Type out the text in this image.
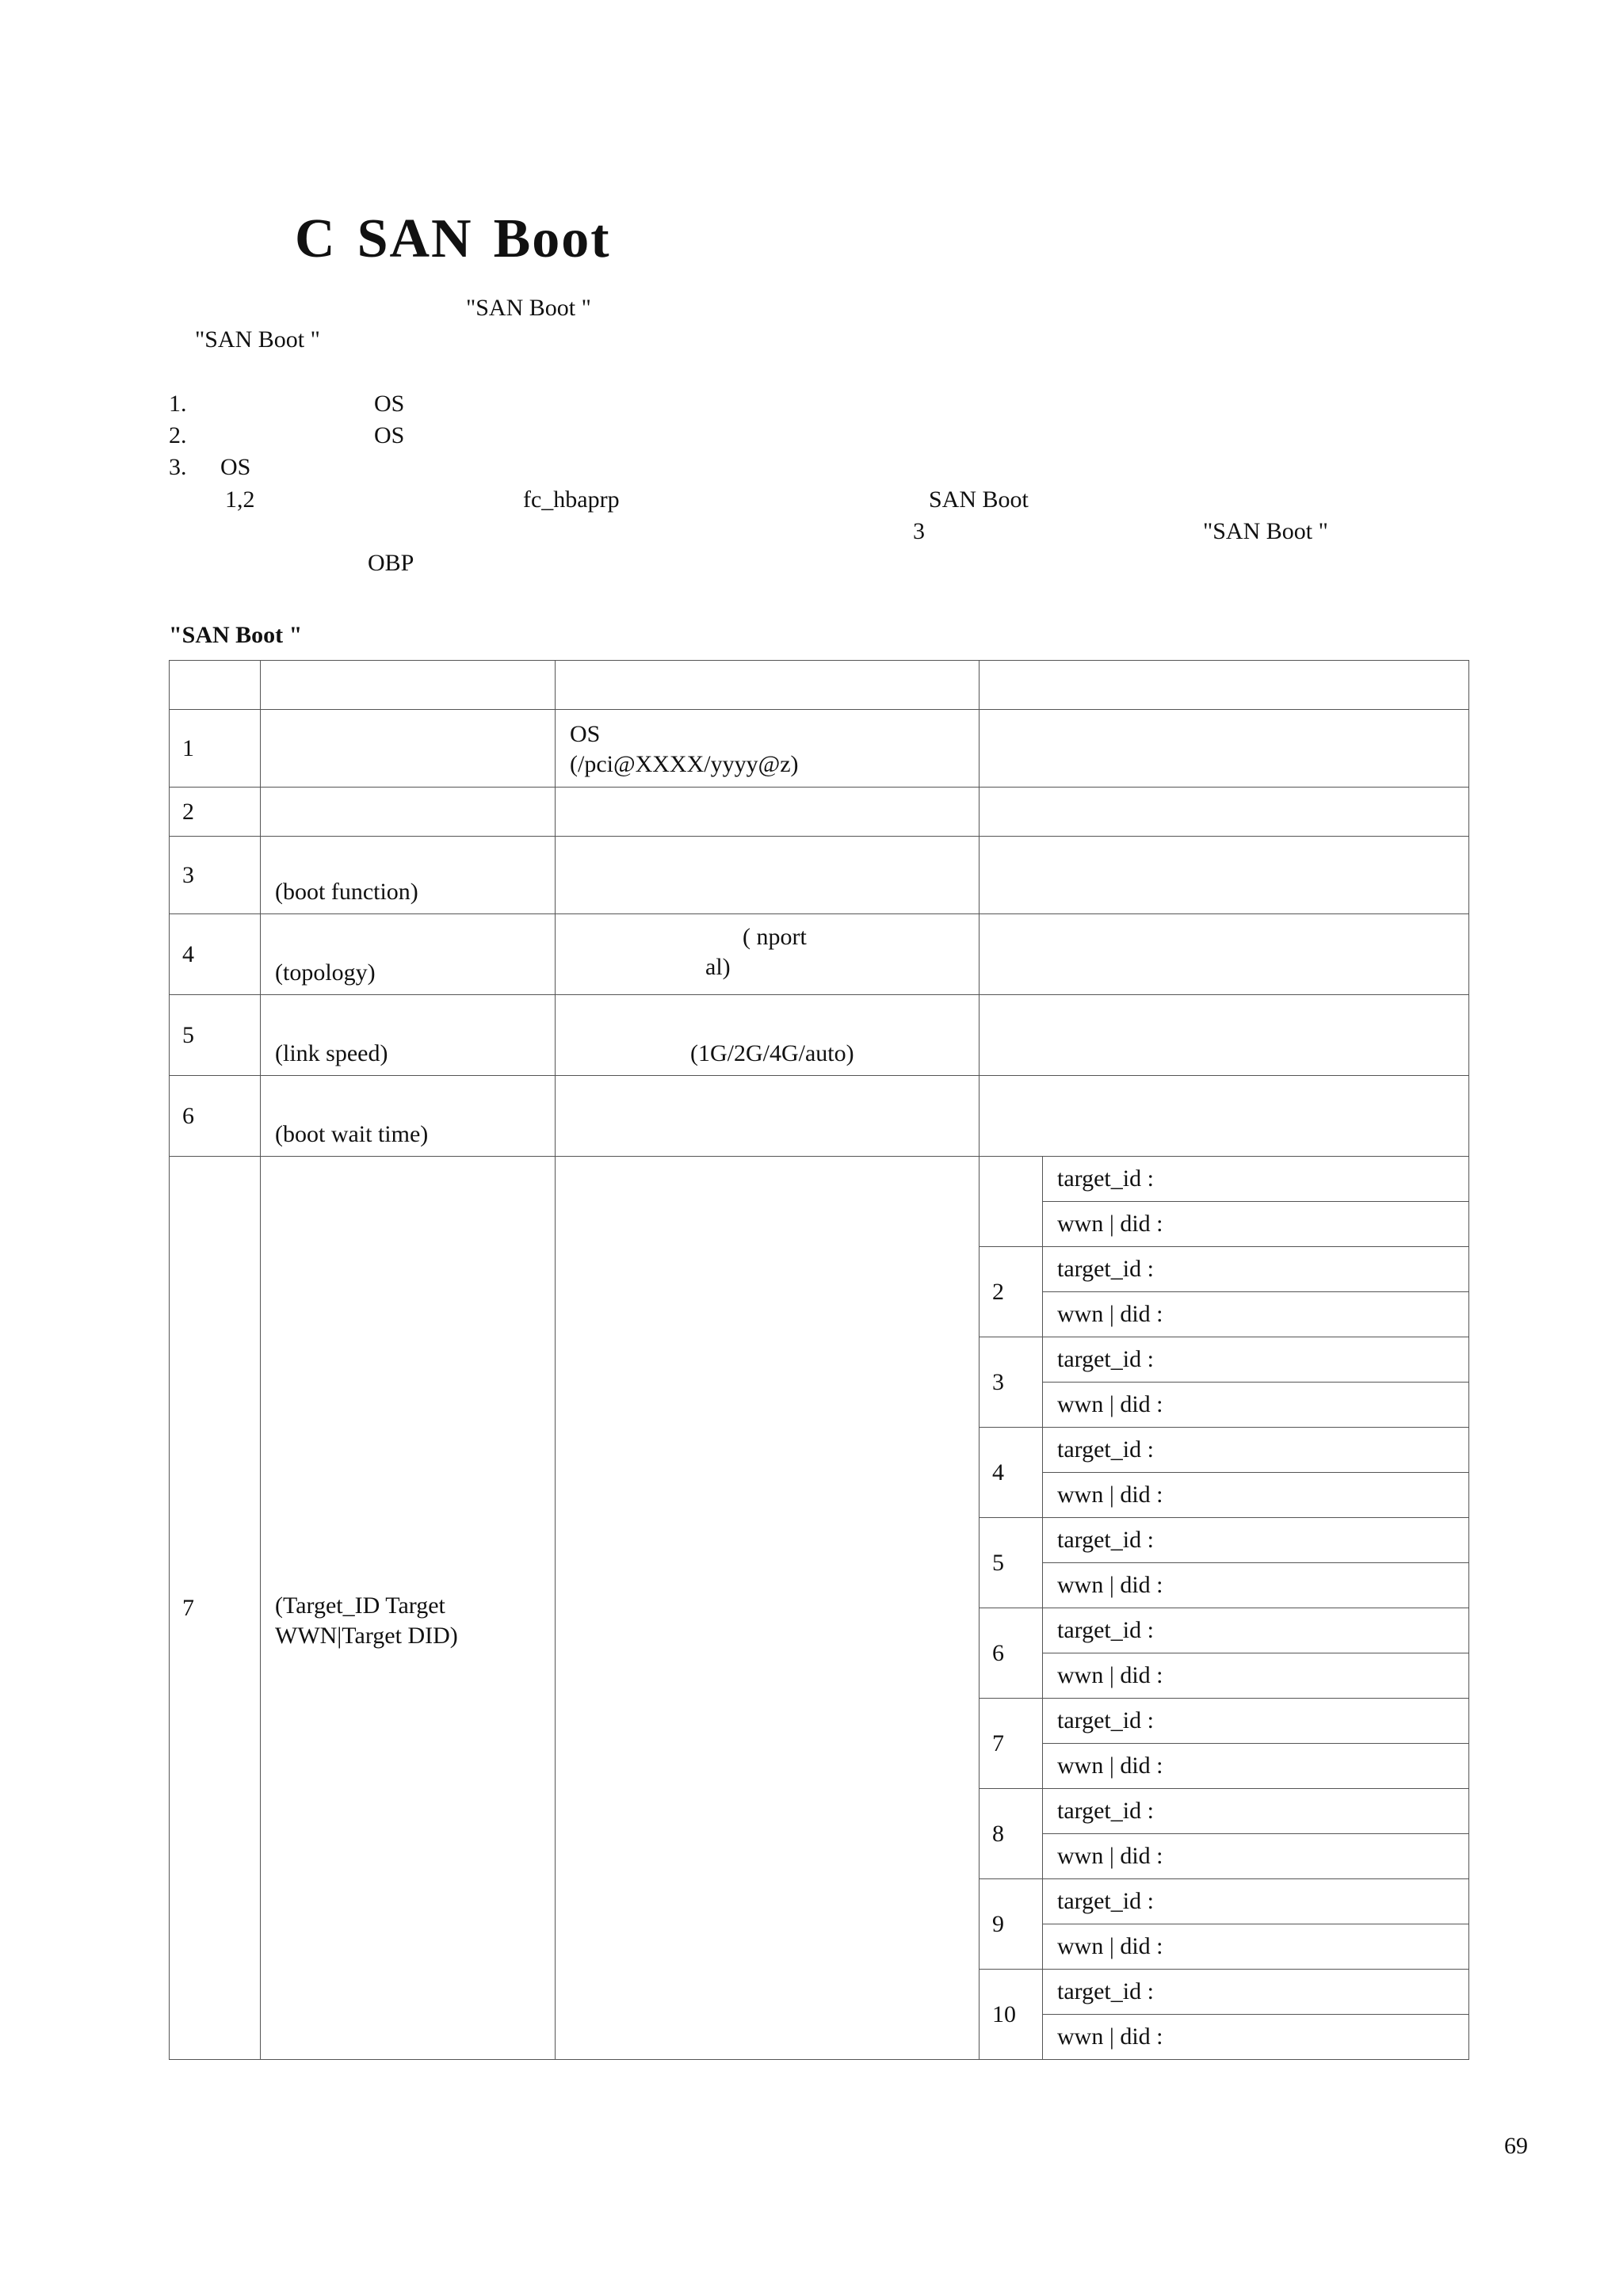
C SAN Boot
"SAN Boot "
"SAN Boot "
1.	OS
2.	OS
3. OS
1,2	fc_hbaprp	SAN Boot
3	"SAN Boot "
OBP
"SAN Boot "

1		OS
(/pci@XXXX/yyyy@z)		

2				
3	(boot function)			
4	(topology)	( nport
al)		

5	(link speed)	(1G/2G/4G/auto)		

6	(boot wait time)		

7	(Target_ID Target
WWN|Target DID)			target_id :
				wwn | did :
			2	target_id :
				wwn | did :
			3	target_id :
				wwn | did :
			4	target_id :
				wwn | did :
			5	target_id :
				wwn | did :
			6	target_id :
				wwn | did :
			7	target_id :
				wwn | did :
			8	target_id :
				wwn | did :
			9	target_id :
				wwn | did :
			10	target_id :
				wwn | did :
69
